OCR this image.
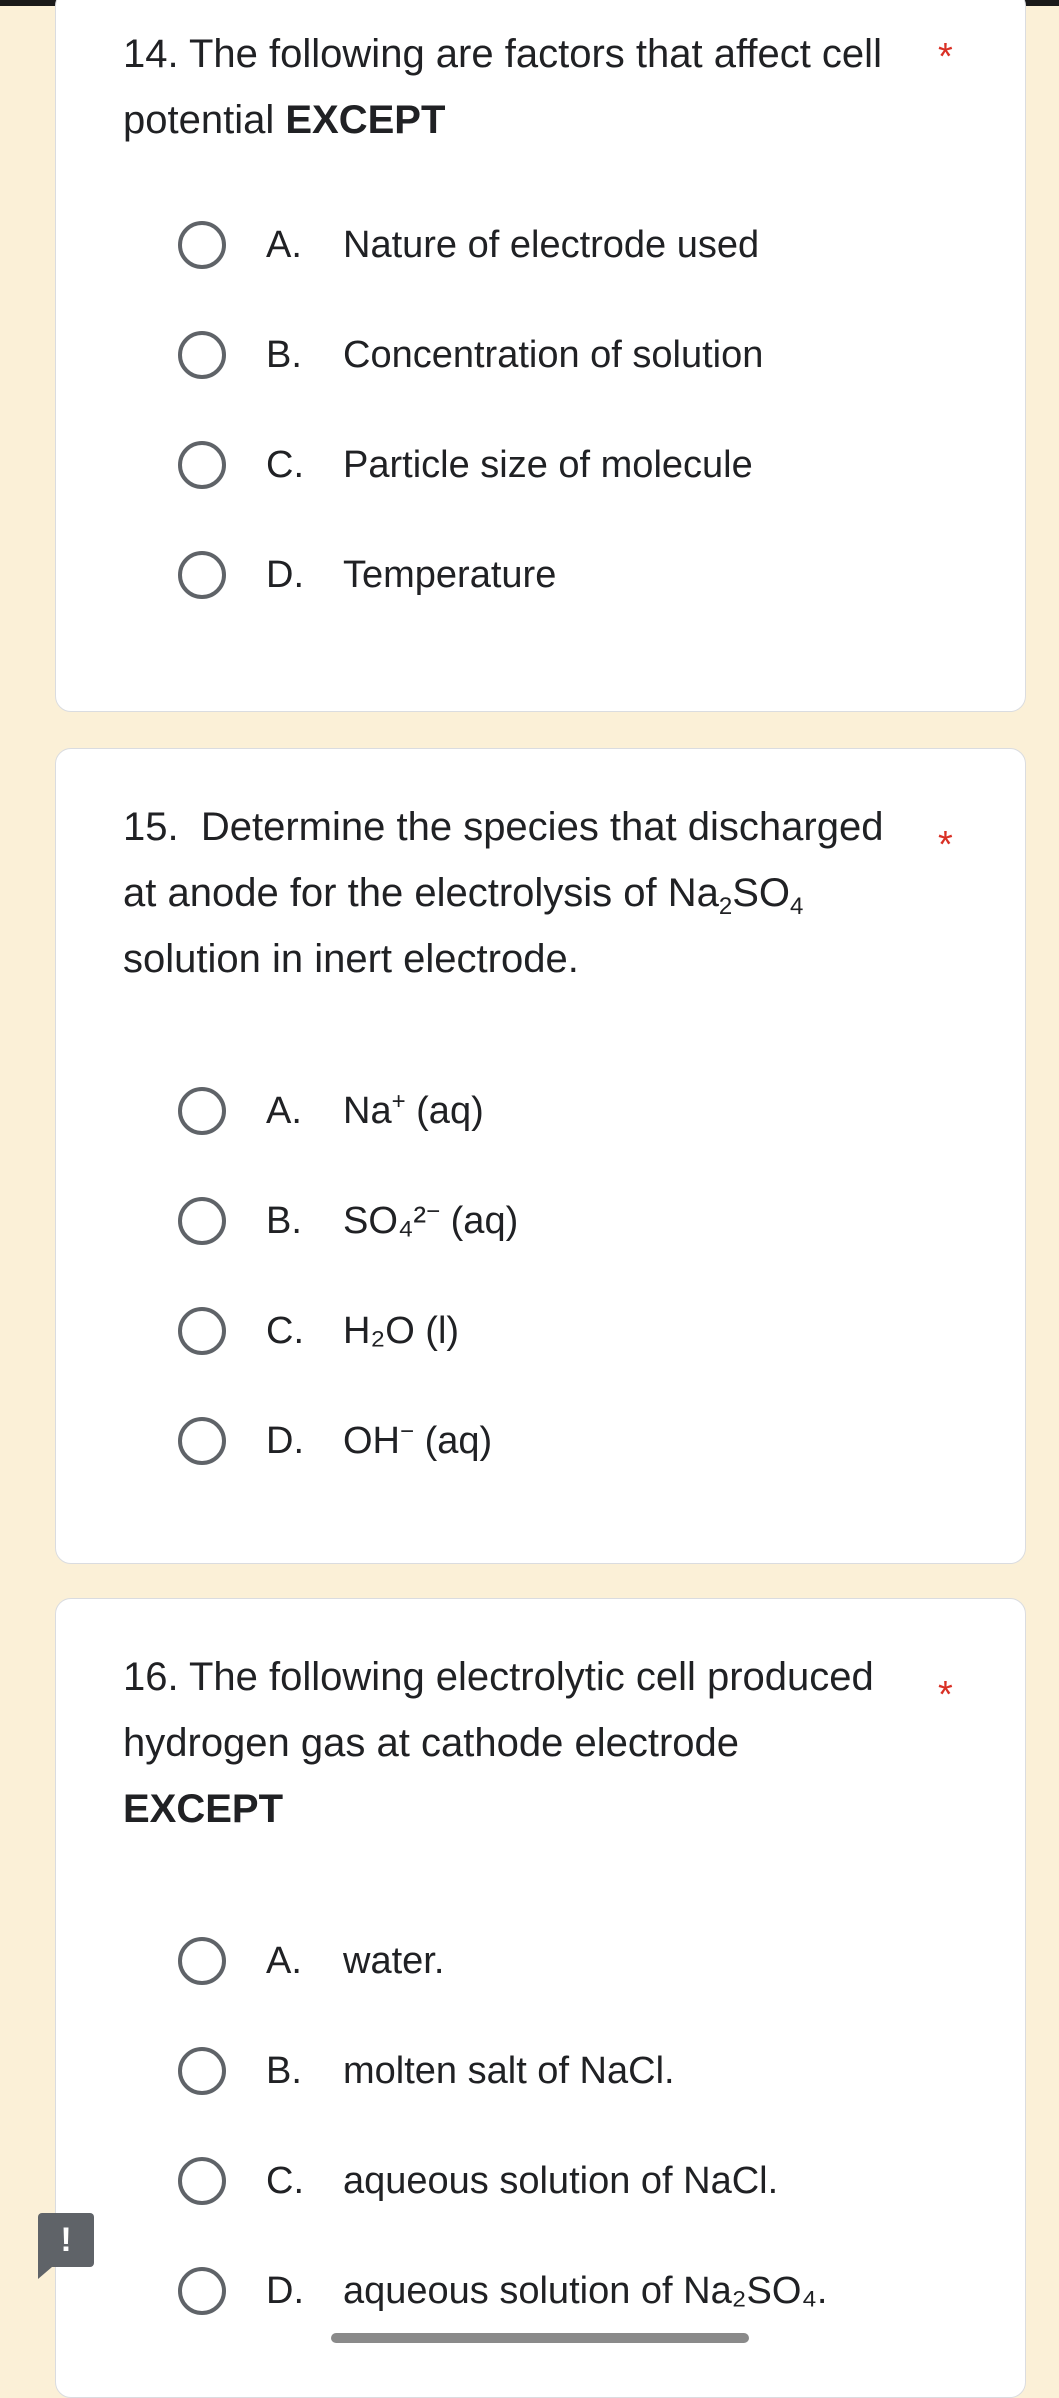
14. The following are factors that affect cell potential EXCEPT
*
A. Nature of electrode used
B. Concentration of solution
C. Particle size of molecule
D. Temperature
15. Determine the species that discharged at anode for the electrolysis of $Na_2SO_4$ solution in inert electrode.
*
A. Na+ (aq)
B. SO₄²− (aq)
C. H₂O (l)
D. OH− (aq)
16. The following electrolytic cell produced hydrogen gas at cathode electrode EXCEPT
*
A. water.
B. molten salt of NaCl.
C. aqueous solution of NaCl.
D. aqueous solution of Na₂SO₄.
!
